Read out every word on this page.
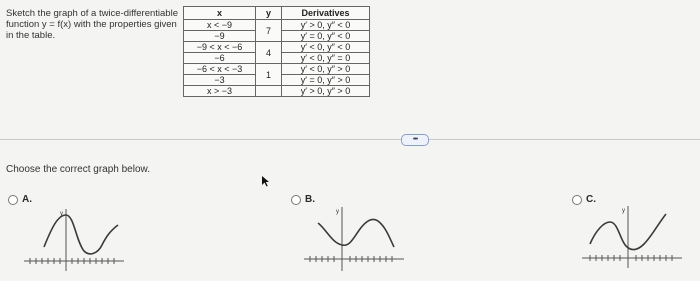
Sketch the graph of a twice-differentiable function y = f(x) with the properties given in the table.
x	y	Derivatives
x < −9	7	y′ > 0, y″ < 0
−9		y′ = 0, y″ < 0
−9 < x < −6	4	y′ < 0, y″ < 0
−6		y′ < 0, y″ = 0
−6 < x < −3	1	y′ < 0, y″ > 0
−3		y′ = 0, y″ > 0
x > −3		y′ > 0, y″ > 0
•••
Choose the correct graph below.
A.
y
B.
y
C.
y
